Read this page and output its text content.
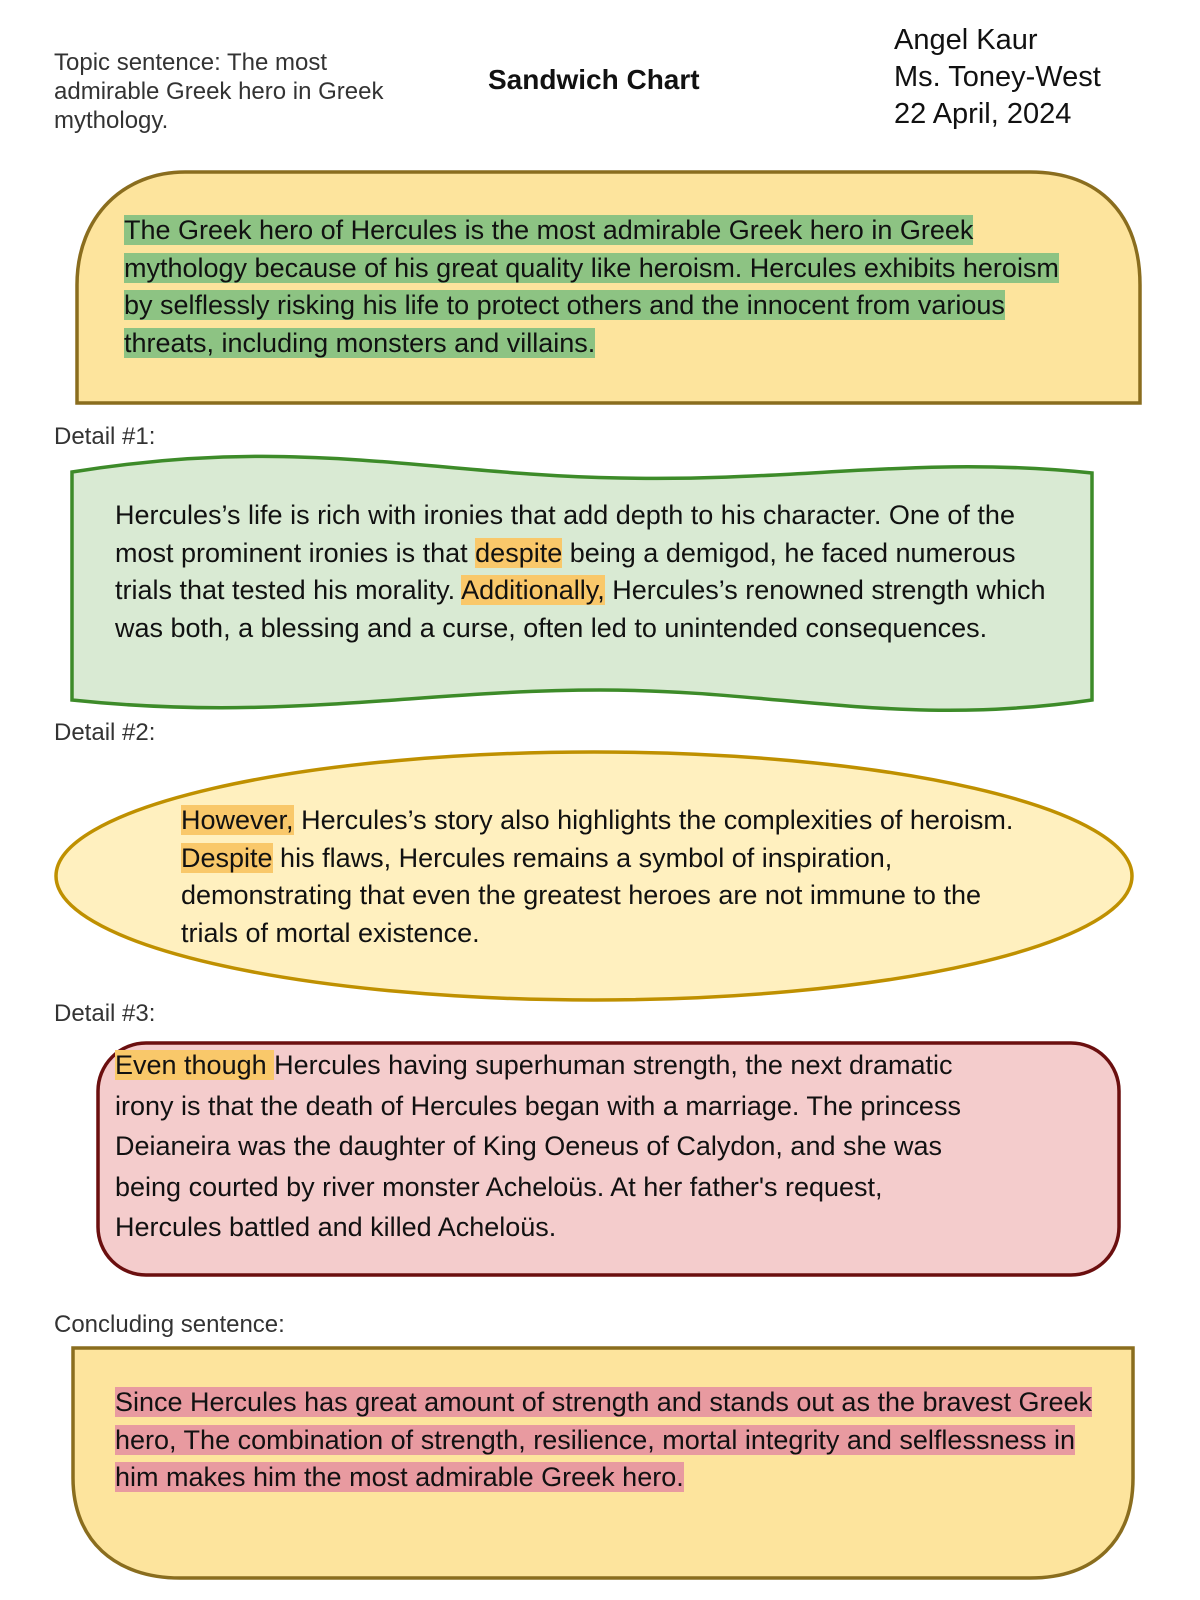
Topic sentence: The most admirable Greek hero in Greek mythology.
Sandwich Chart
Angel Kaur
Ms. Toney-West
22 April, 2024
Detail #1:
Detail #2:
Detail #3:
Concluding sentence:
The Greek hero of Hercules is the most admirable Greek hero in Greek mythology because of his great quality like heroism. Hercules exhibits heroism by selflessly risking his life to protect others and the innocent from various threats, including monsters and villains.
Hercules’s life is rich with ironies that add depth to his character. One of the most prominent ironies is that despite being a demigod, he faced numerous trials that tested his morality. Additionally, Hercules’s renowned strength which was both, a blessing and a curse, often led to unintended consequences.
However, Hercules’s story also highlights the complexities of heroism. Despite his flaws, Hercules remains a symbol of inspiration, demonstrating that even the greatest heroes are not immune to the trials of mortal existence.
Even though Hercules having superhuman strength, the next dramatic irony is that the death of Hercules began with a marriage. The princess Deianeira was the daughter of King Oeneus of Calydon, and she was being courted by river monster Acheloüs. At her father's request, Hercules battled and killed Acheloüs.
Since Hercules has great amount of strength and stands out as the bravest Greek hero, The combination of strength, resilience, mortal integrity and selflessness in him makes him the most admirable Greek hero.
